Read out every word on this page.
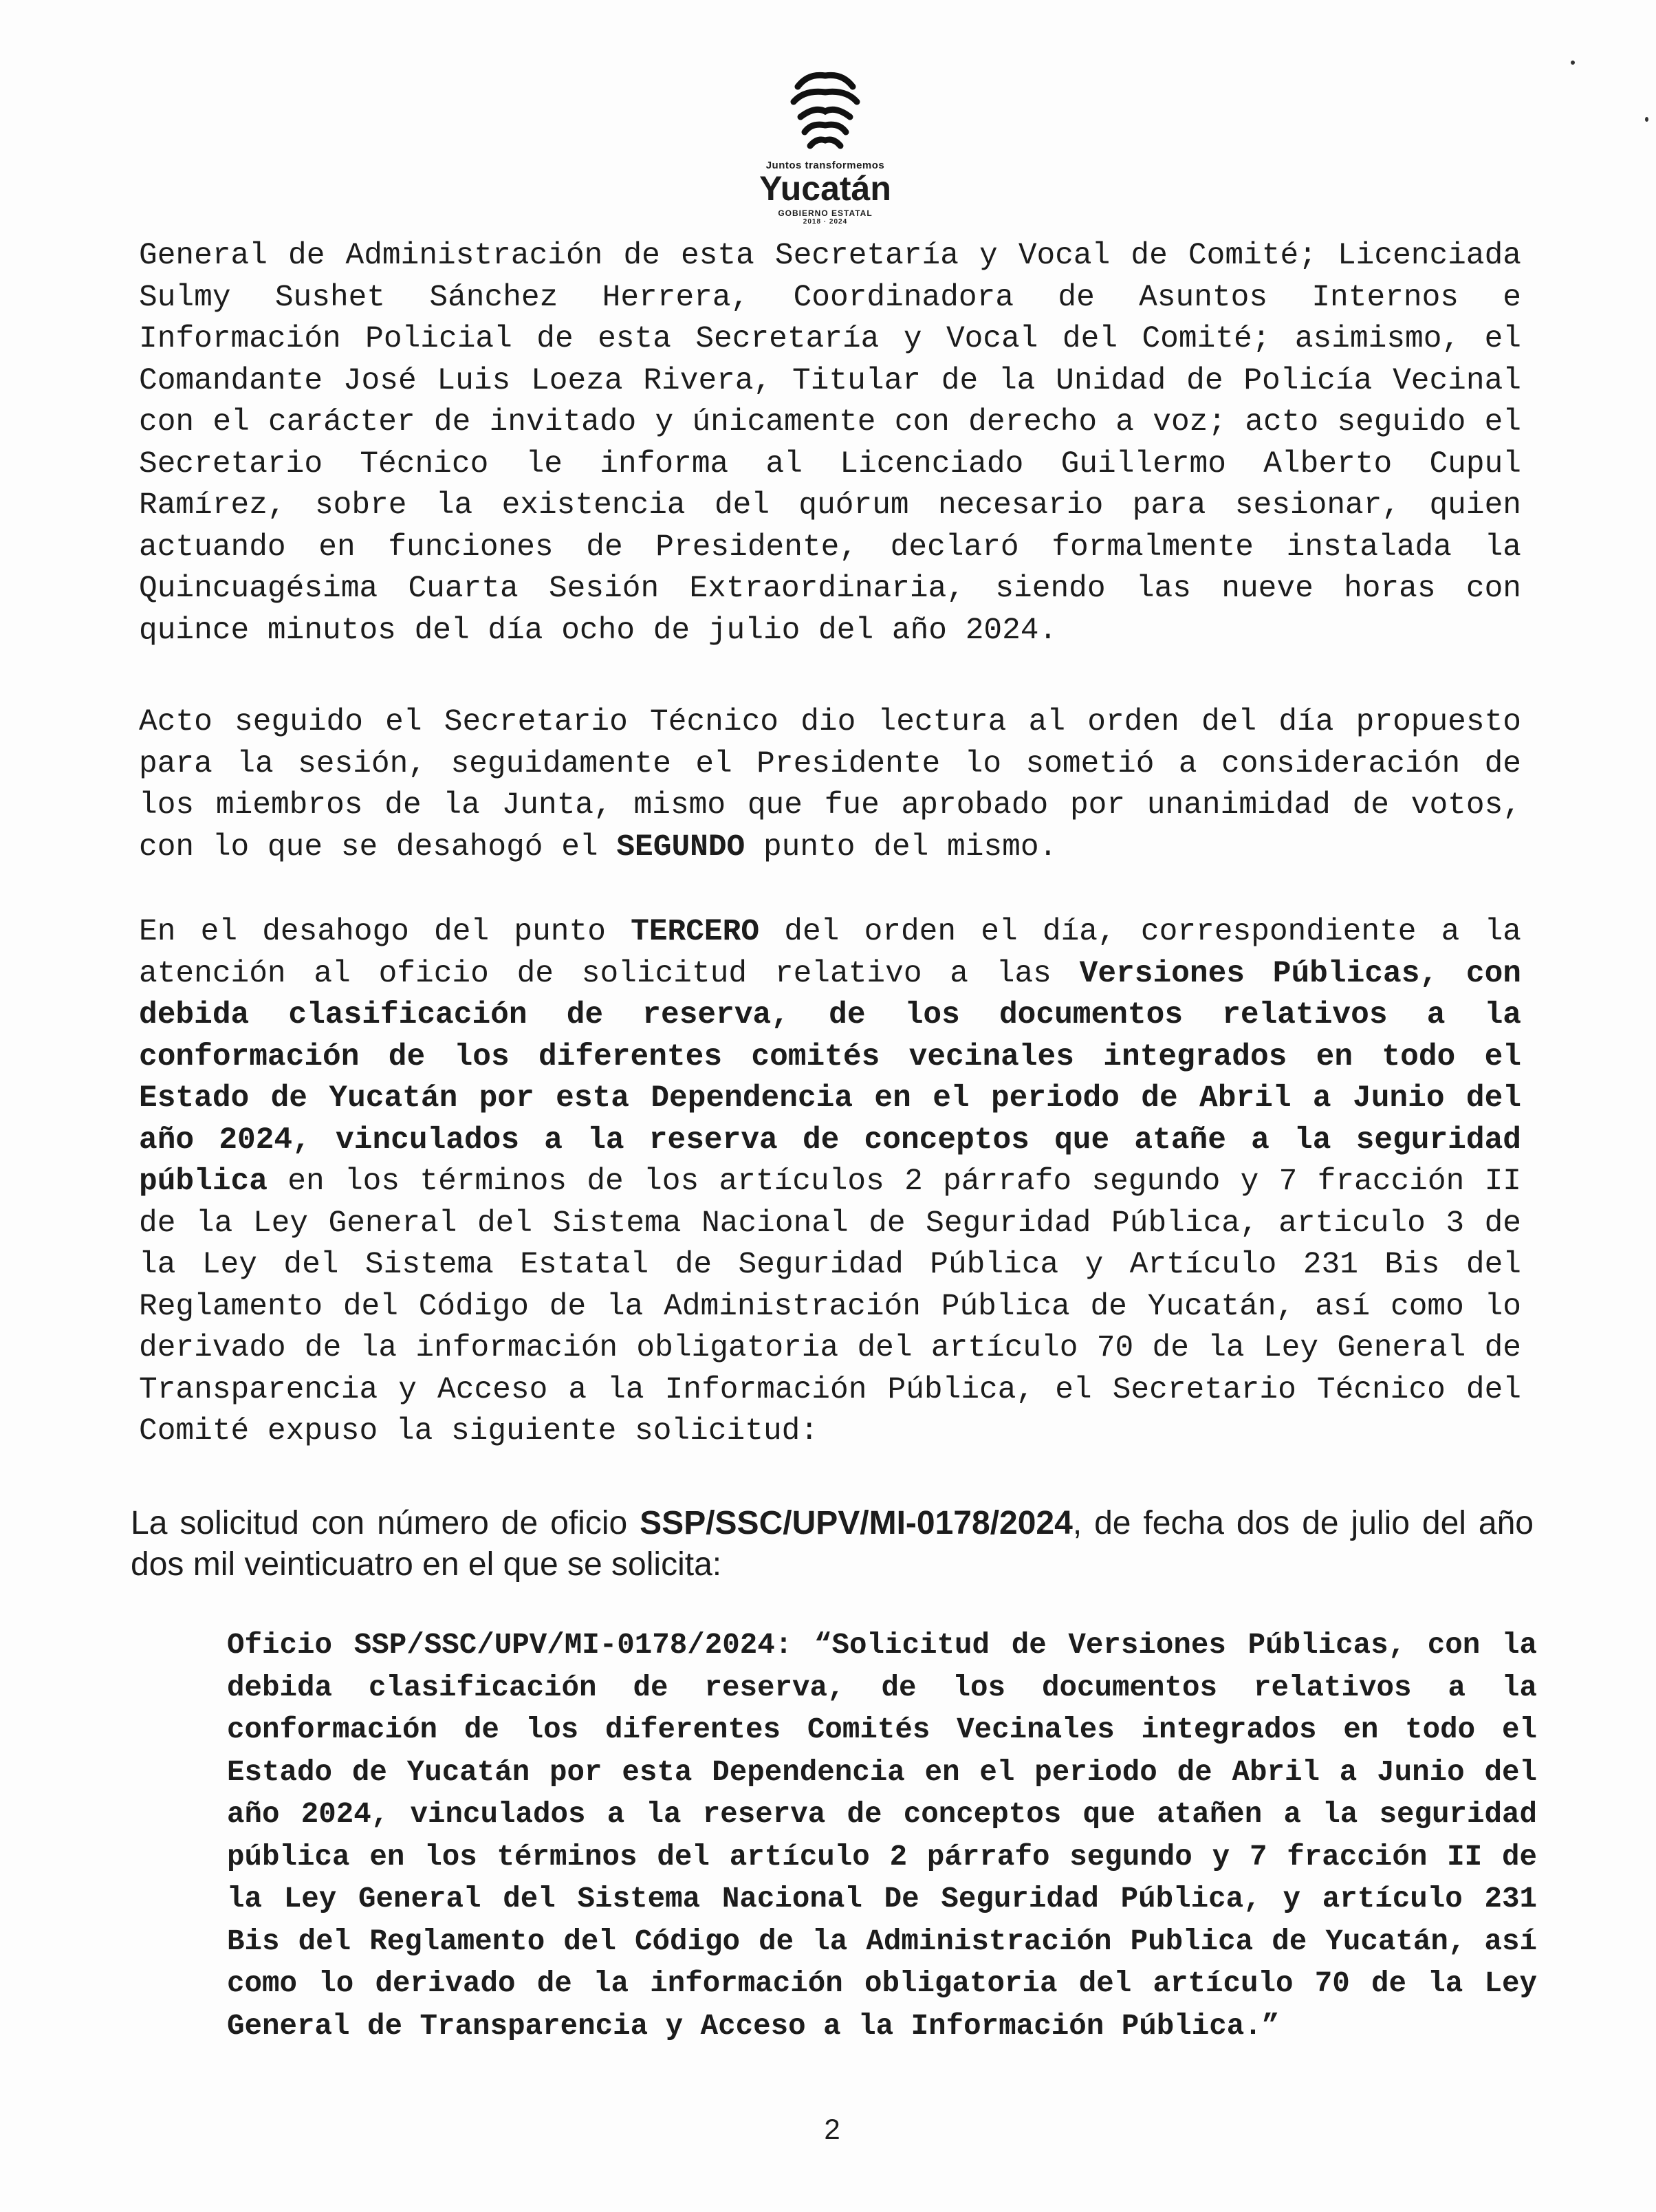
Juntos transformemos
Yucatán
GOBIERNO ESTATAL
2018 · 2024

General de Administración de esta Secretaría y Vocal de Comité; Licenciada Sulmy Sushet Sánchez Herrera, Coordinadora de Asuntos Internos e Información Policial de esta Secretaría y Vocal del Comité; asimismo, el Comandante José Luis Loeza Rivera, Titular de la Unidad de Policía Vecinal con el carácter de invitado y únicamente con derecho a voz; acto seguido el Secretario Técnico le informa al Licenciado Guillermo Alberto Cupul Ramírez, sobre la existencia del quórum necesario para sesionar, quien actuando en funciones de Presidente, declaró formalmente instalada la Quincuagésima Cuarta Sesión Extraordinaria, siendo las nueve horas con quince minutos del día ocho de julio del año 2024.

Acto seguido el Secretario Técnico dio lectura al orden del día propuesto para la sesión, seguidamente el Presidente lo sometió a consideración de los miembros de la Junta, mismo que fue aprobado por unanimidad de votos, con lo que se desahogó el SEGUNDO punto del mismo.

En el desahogo del punto TERCERO del orden el día, correspondiente a la atención al oficio de solicitud relativo a las Versiones Públicas, con debida clasificación de reserva, de los documentos relativos a la conformación de los diferentes comités vecinales integrados en todo el Estado de Yucatán por esta Dependencia en el periodo de Abril a Junio del año 2024, vinculados a la reserva de conceptos que atañe a la seguridad pública en los términos de los artículos 2 párrafo segundo y 7 fracción II de la Ley General del Sistema Nacional de Seguridad Pública, articulo 3 de la Ley del Sistema Estatal de Seguridad Pública y Artículo 231 Bis del Reglamento del Código de la Administración Pública de Yucatán, así como lo derivado de la información obligatoria del artículo 70 de la Ley General de Transparencia y Acceso a la Información Pública, el Secretario Técnico del Comité expuso la siguiente solicitud:

La solicitud con número de oficio SSP/SSC/UPV/MI-0178/2024, de fecha dos de julio del año dos mil veinticuatro en el que se solicita:

Oficio SSP/SSC/UPV/MI-0178/2024: “Solicitud de Versiones Públicas, con la debida clasificación de reserva, de los documentos relativos a la conformación de los diferentes Comités Vecinales integrados en todo el Estado de Yucatán por esta Dependencia en el periodo de Abril a Junio del año 2024, vinculados a la reserva de conceptos que atañen a la seguridad pública en los términos del artículo 2 párrafo segundo y 7 fracción II de la Ley General del Sistema Nacional De Seguridad Pública, y artículo 231 Bis del Reglamento del Código de la Administración Publica de Yucatán, así como lo derivado de la información obligatoria del artículo 70 de la Ley General de Transparencia y Acceso a la Información Pública.”

2
